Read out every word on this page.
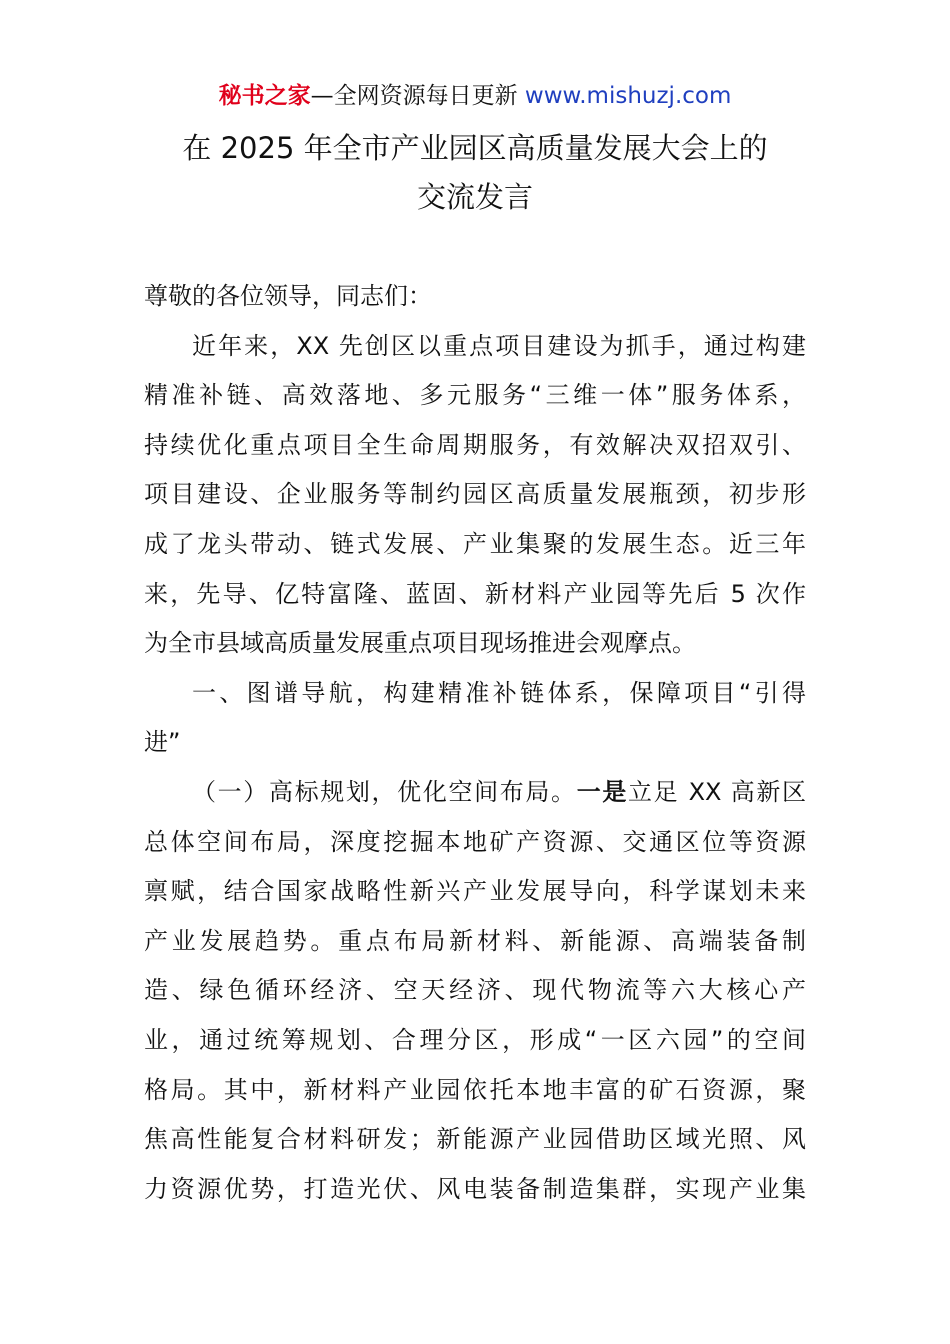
秘书之家—全网资源每日更新 www.mishuzj.com
在 2025 年全市产业园区高质量发展大会上的
交流发言
尊敬的各位领导，同志们：
近年来，XX 先创区以重点项目建设为抓手，通过构建
精准补链、高效落地、多元服务“三维一体”服务体系，
持续优化重点项目全生命周期服务，有效解决双招双引、
项目建设、企业服务等制约园区高质量发展瓶颈，初步形
成了龙头带动、链式发展、产业集聚的发展生态。近三年
来，先导、亿特富隆、蓝固、新材料产业园等先后 5 次作
为全市县域高质量发展重点项目现场推进会观摩点。
一、图谱导航，构建精准补链体系，保障项目“引得
进”
（一）高标规划，优化空间布局。一是立足 XX 高新区
总体空间布局，深度挖掘本地矿产资源、交通区位等资源
禀赋，结合国家战略性新兴产业发展导向，科学谋划未来
产业发展趋势。重点布局新材料、新能源、高端装备制
造、绿色循环经济、空天经济、现代物流等六大核心产
业，通过统筹规划、合理分区，形成“一区六园”的空间
格局。其中，新材料产业园依托本地丰富的矿石资源，聚
焦高性能复合材料研发；新能源产业园借助区域光照、风
力资源优势，打造光伏、风电装备制造集群，实现产业集
